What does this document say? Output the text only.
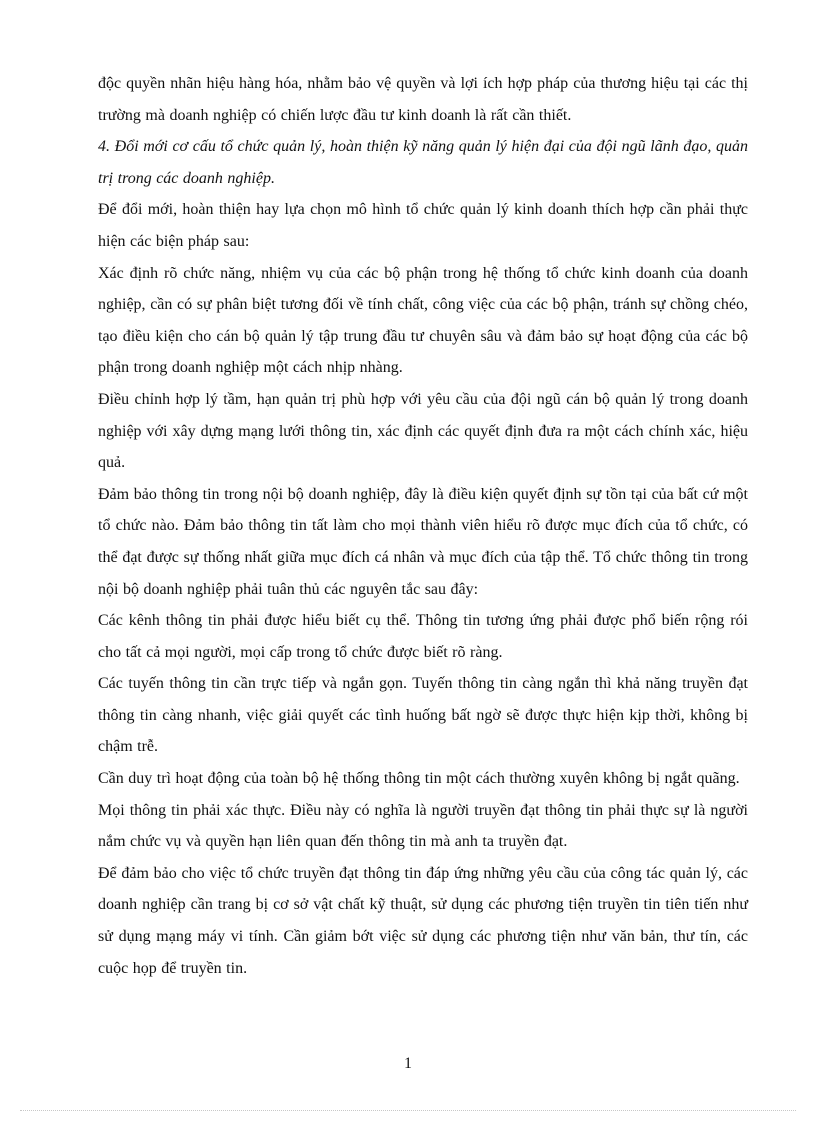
độc quyền nhãn hiệu hàng hóa, nhằm bảo vệ quyền và lợi ích hợp pháp của thương hiệu tại các thị trường mà doanh nghiệp có chiến lược đầu tư kinh doanh là rất cần thiết.

4. Đổi mới cơ cấu tổ chức quản lý, hoàn thiện kỹ năng quản lý hiện đại của đội ngũ lãnh đạo, quản trị trong các doanh nghiệp.

Để đổi mới, hoàn thiện hay lựa chọn mô hình tổ chức quản lý kinh doanh thích hợp cần phải thực hiện các biện pháp sau:

Xác định rõ chức năng, nhiệm vụ của các bộ phận trong hệ thống tổ chức kinh doanh của doanh nghiệp, cần có sự phân biệt tương đối về tính chất, công việc của các bộ phận, tránh sự chồng chéo, tạo điều kiện cho cán bộ quản lý tập trung đầu tư chuyên sâu và đảm bảo sự hoạt động của các bộ phận trong doanh nghiệp một cách nhịp nhàng.

Điều chỉnh hợp lý tầm, hạn quản trị phù hợp với yêu cầu của đội ngũ cán bộ quản lý trong doanh nghiệp với xây dựng mạng lưới thông tin, xác định các quyết định đưa ra một cách chính xác, hiệu quả.

Đảm bảo thông tin trong nội bộ doanh nghiệp, đây là điều kiện quyết định sự tồn tại của bất cứ một tổ chức nào. Đảm bảo thông tin tất làm cho mọi thành viên hiểu rõ được mục đích của tổ chức, có thể đạt được sự thống nhất giữa mục đích cá nhân và mục đích của tập thể. Tổ chức thông tin trong nội bộ doanh nghiệp phải tuân thủ các nguyên tắc sau đây:

Các kênh thông tin phải được hiểu biết cụ thể. Thông tin tương ứng phải được phổ biến rộng rói cho tất cả mọi người, mọi cấp trong tổ chức được biết rõ ràng.

Các tuyến thông tin cần trực tiếp và ngắn gọn. Tuyến thông tin càng ngắn thì khả năng truyền đạt thông tin càng nhanh, việc giải quyết các tình huống bất ngờ sẽ được thực hiện kịp thời, không bị chậm trễ.

Cần duy trì hoạt động của toàn bộ hệ thống thông tin một cách thường xuyên không bị ngắt quãng.

Mọi thông tin phải xác thực. Điều này có nghĩa là người truyền đạt thông tin phải thực sự là người nắm chức vụ và quyền hạn liên quan đến thông tin mà anh ta truyền đạt.

Để đảm bảo cho việc tổ chức truyền đạt thông tin đáp ứng những yêu cầu của công tác quản lý, các doanh nghiệp cần trang bị cơ sở vật chất kỹ thuật, sử dụng các phương tiện truyền tin tiên tiến như sử dụng mạng máy vi tính. Cần giảm bớt việc sử dụng các phương tiện như văn bản, thư tín, các cuộc họp để truyền tin.

1
